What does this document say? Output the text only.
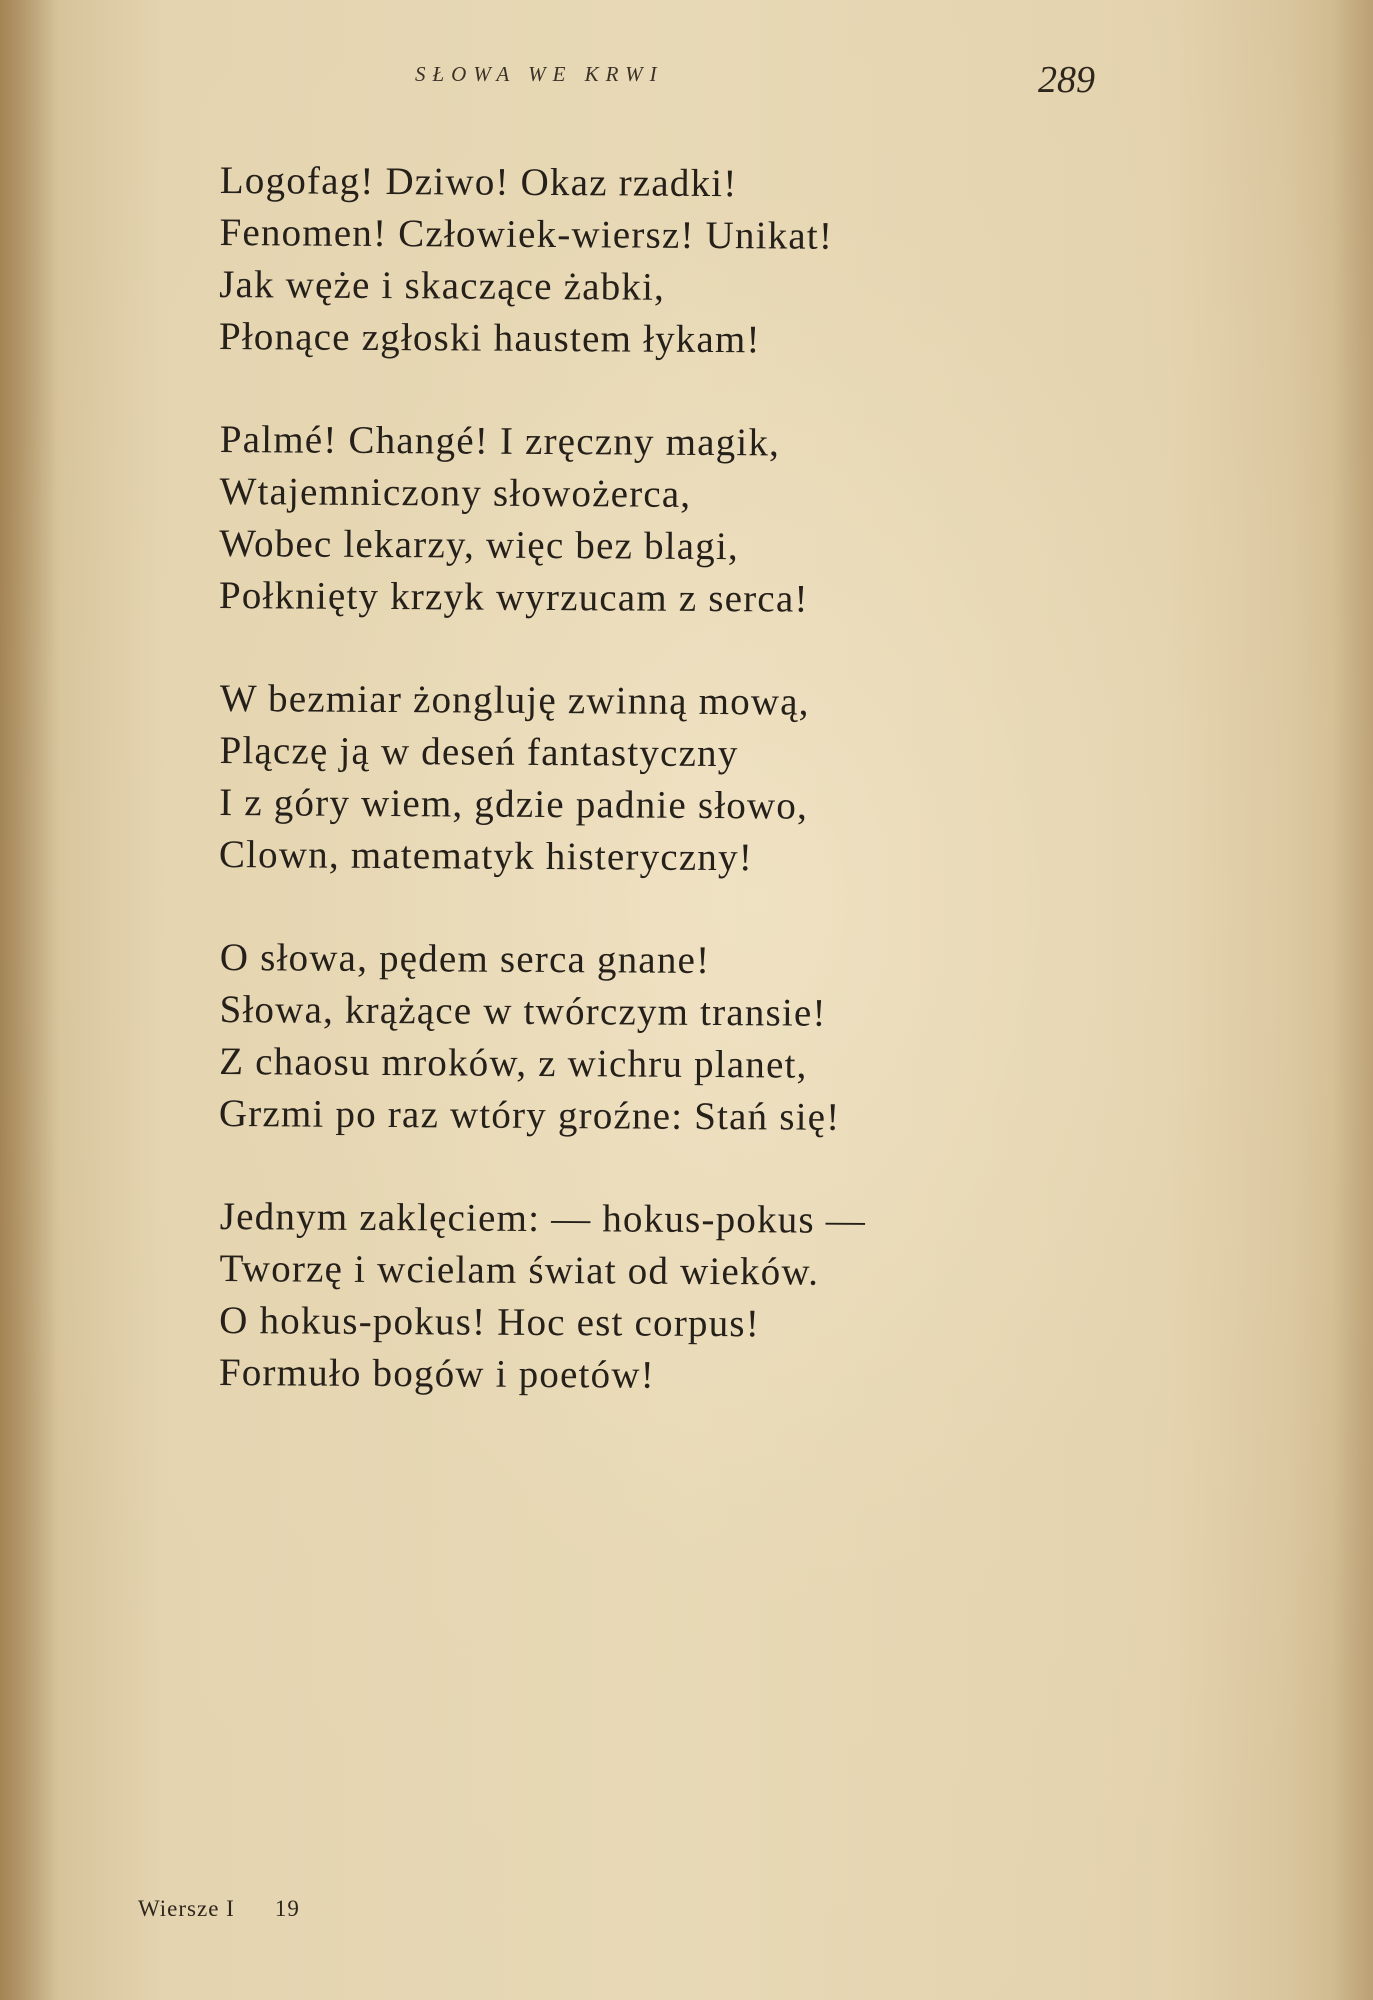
SŁOWA WE KRWI	289
Logofag! Dziwo! Okaz rzadki!
Fenomen! Człowiek-wiersz! Unikat!
Jak węże i skaczące żabki,
Płonące zgłoski haustem łykam!
Palmé! Changé! I zręczny magik,
Wtajemniczony słowożerca,
Wobec lekarzy, więc bez blagi,
Połknięty krzyk wyrzucam z serca!
W bezmiar żongluję zwinną mową,
Plączę ją w deseń fantastyczny
I z góry wiem, gdzie padnie słowo,
Clown, matematyk histeryczny!
O słowa, pędem serca gnane!
Słowa, krążące w twórczym transie!
Z chaosu mroków, z wichru planet,
Grzmi po raz wtóry groźne: Stań się!
Jednym zaklęciem: — hokus-pokus —
Tworzę i wcielam świat od wieków.
O hokus-pokus! Hoc est corpus!
Formuło bogów i poetów!
Wiersze I 19
